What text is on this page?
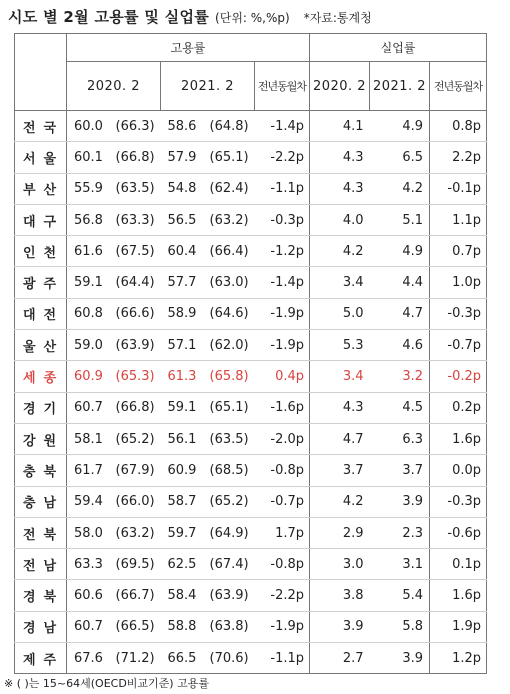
시도 별 2월 고용률 및 실업률 (단위: %,%p) *자료:통계청
	고용률					실업률		
	2020. 2		2021. 2		전년동월차	2020. 2	2021. 2	전년동월차
전국	60.0	(66.3)	58.6	(64.8)	-1.4p	4.1	4.9	0.8p
서울	60.1	(66.8)	57.9	(65.1)	-2.2p	4.3	6.5	2.2p
부산	55.9	(63.5)	54.8	(62.4)	-1.1p	4.3	4.2	-0.1p
대구	56.8	(63.3)	56.5	(63.2)	-0.3p	4.0	5.1	1.1p
인천	61.6	(67.5)	60.4	(66.4)	-1.2p	4.2	4.9	0.7p
광주	59.1	(64.4)	57.7	(63.0)	-1.4p	3.4	4.4	1.0p
대전	60.8	(66.6)	58.9	(64.6)	-1.9p	5.0	4.7	-0.3p
울산	59.0	(63.9)	57.1	(62.0)	-1.9p	5.3	4.6	-0.7p
세종	60.9	(65.3)	61.3	(65.8)	0.4p	3.4	3.2	-0.2p
경기	60.7	(66.8)	59.1	(65.1)	-1.6p	4.3	4.5	0.2p
강원	58.1	(65.2)	56.1	(63.5)	-2.0p	4.7	6.3	1.6p
충북	61.7	(67.9)	60.9	(68.5)	-0.8p	3.7	3.7	0.0p
충남	59.4	(66.0)	58.7	(65.2)	-0.7p	4.2	3.9	-0.3p
전북	58.0	(63.2)	59.7	(64.9)	1.7p	2.9	2.3	-0.6p
전남	63.3	(69.5)	62.5	(67.4)	-0.8p	3.0	3.1	0.1p
경북	60.6	(66.7)	58.4	(63.9)	-2.2p	3.8	5.4	1.6p
경남	60.7	(66.5)	58.8	(63.8)	-1.9p	3.9	5.8	1.9p
제주	67.6	(71.2)	66.5	(70.6)	-1.1p	2.7	3.9	1.2p
※ ( )는 15~64세(OECD비교기준) 고용률
